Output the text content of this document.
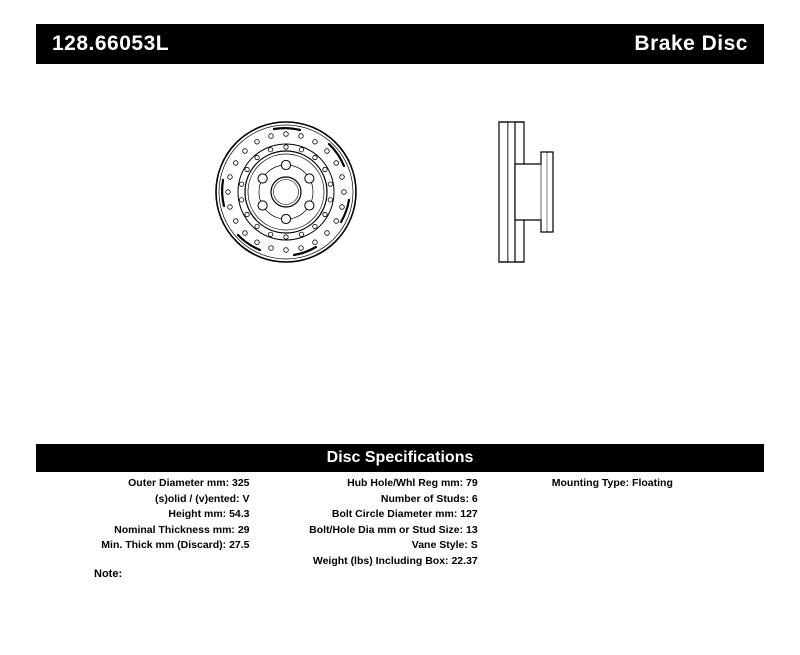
128.66053L	Brake Disc
Disc Specifications
Outer Diameter mm: 325
(s)olid / (v)ented: V
Height mm: 54.3
Nominal Thickness mm: 29
Min. Thick mm (Discard): 27.5
Hub Hole/Whl Reg mm: 79
Number of Studs: 6
Bolt Circle Diameter mm: 127
Bolt/Hole Dia mm or Stud Size: 13
Vane Style: S
Weight (lbs) Including Box: 22.37
Mounting Type: Floating
Note:
